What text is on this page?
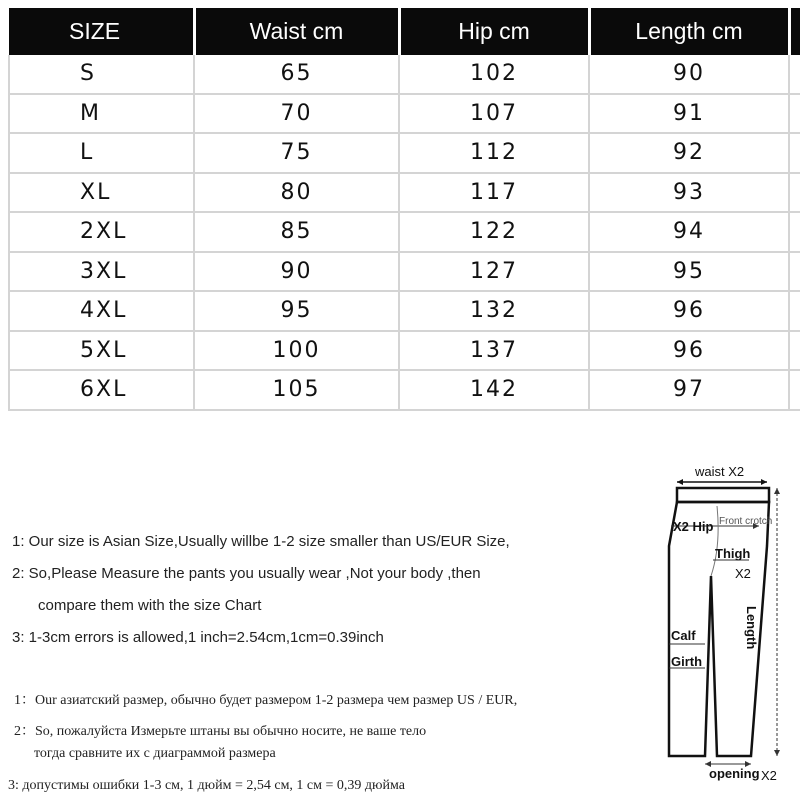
SIZE	Waist cm	Hip cm	Length cm	
S	65	102	90	
M	70	107	91	
L	75	112	92	
XL	80	117	93	
2XL	85	122	94	
3XL	90	127	95	
4XL	95	132	96	
5XL	100	137	96	
6XL	105	142	97	
1: Our size is Asian Size,Usually willbe 1-2 size smaller than US/EUR Size,
2: So,Please Measure the pants you usually wear ,Not your body ,then
compare them with the size Chart
3: 1-3cm errors is allowed,1 inch=2.54cm,1cm=0.39inch
1：Our азиатский размер, обычно будет размером 1-2 размера чем размер US / EUR,
2：So, пожалуйста Измерьте штаны вы обычно носите, не ваше тело
тогда сравните их с диаграммой размера
3: допустимы ошибки 1-3 см, 1 дюйм = 2,54 см, 1 см = 0,39 дюйма
waist X2
X2 Hip Front crotch
Thigh
X2
Length
Calf
Girth
opening X2
